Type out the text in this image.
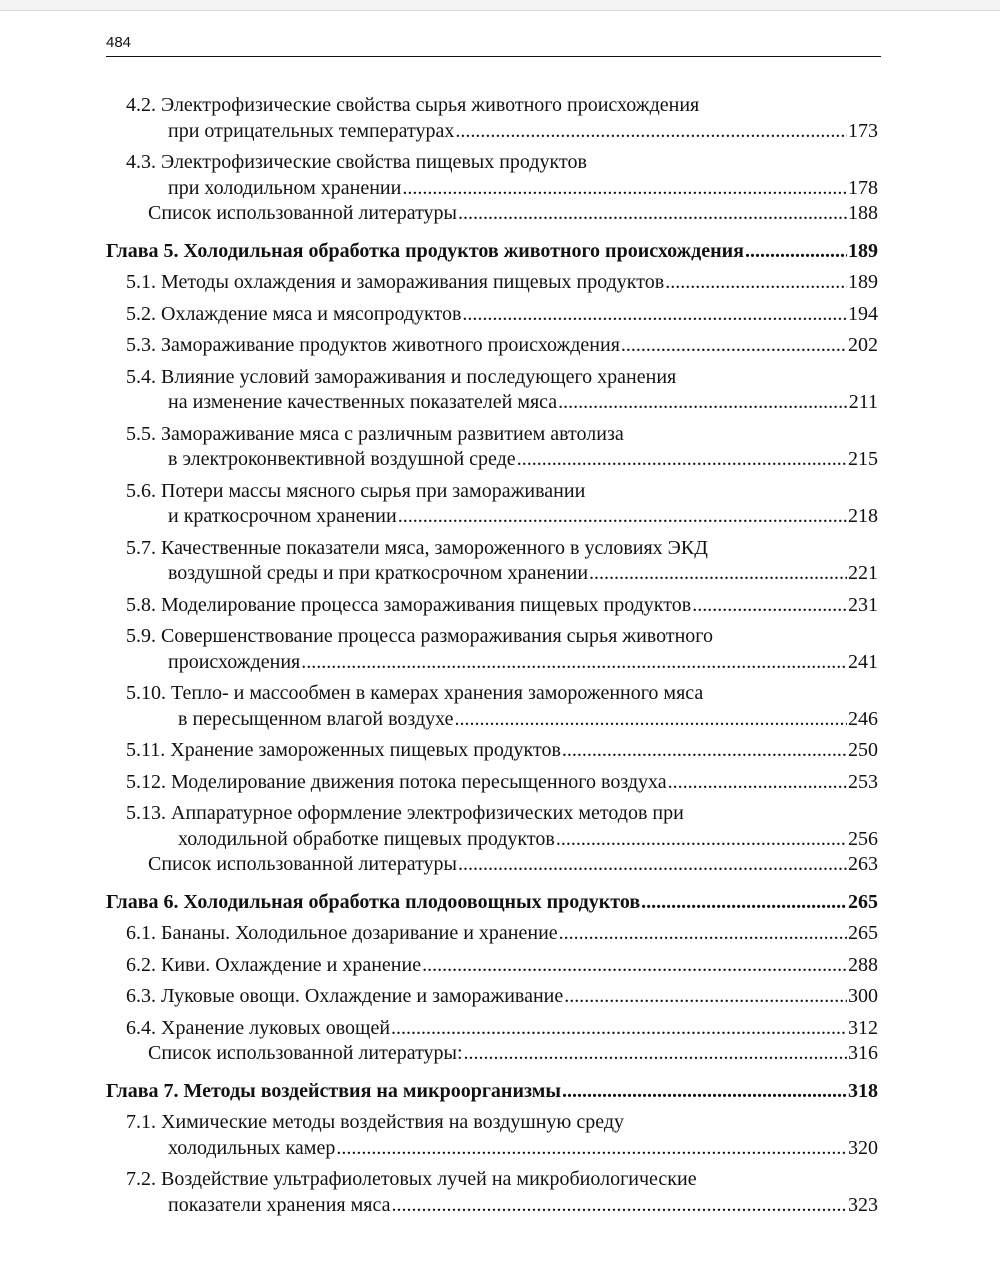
484
4.2. Электрофизические свойства сырья животного происхождения
при отрицательных температурах .....	173
4.3. Электрофизические свойства пищевых продуктов
при холодильном хранении .....	178
Список использованной литературы .....	188
Глава 5. Холодильная обработка продуктов животного происхождения .....	189
5.1.
Методы охлаждения и замораживания пищевых продуктов .....	189
5.2.
Охлаждение мяса и мясопродуктов .....	194
5.3.
Замораживание продуктов животного происхождения .....	202
5.4. Влияние условий замораживания и последующего хранения
на изменение качественных показателей мяса .....	211
5.5. Замораживание мяса с различным развитием автолиза
в электроконвективной воздушной среде .....	215
5.6. Потери массы мясного сырья при замораживании
и краткосрочном хранении .....	218
5.7. Качественные показатели мяса, замороженного в условиях ЭКД
воздушной среды и при краткосрочном хранении .....	221
5.8.
Моделирование процесса замораживания пищевых продуктов .....	231
5.9. Совершенствование процесса размораживания сырья животного
происхождения .....	241
5.10. Тепло- и массообмен в камерах хранения замороженного мяса
в пересыщенном влагой воздухе .....	246
5.11.
Хранение замороженных пищевых продуктов .....	250
5.12.
Моделирование движения потока пересыщенного воздуха .....	253
5.13. Аппаратурное оформление электрофизических методов при
холодильной обработке пищевых продуктов .....	256
Список использованной литературы .....	263
Глава 6. Холодильная обработка плодоовощных продуктов .....	265
6.1.
Бананы. Холодильное дозаривание и хранение .....	265
6.2.
Киви. Охлаждение и хранение .....	288
6.3.
Луковые овощи. Охлаждение и замораживание .....	300
6.4.
Хранение луковых овощей .....	312
Список использованной литературы: .....	316
Глава 7. Методы воздействия на микроорганизмы .....	318
7.1. Химические методы воздействия на воздушную среду
холодильных камер .....	320
7.2. Воздействие ультрафиолетовых лучей на микробиологические
показатели хранения мяса .....	323
